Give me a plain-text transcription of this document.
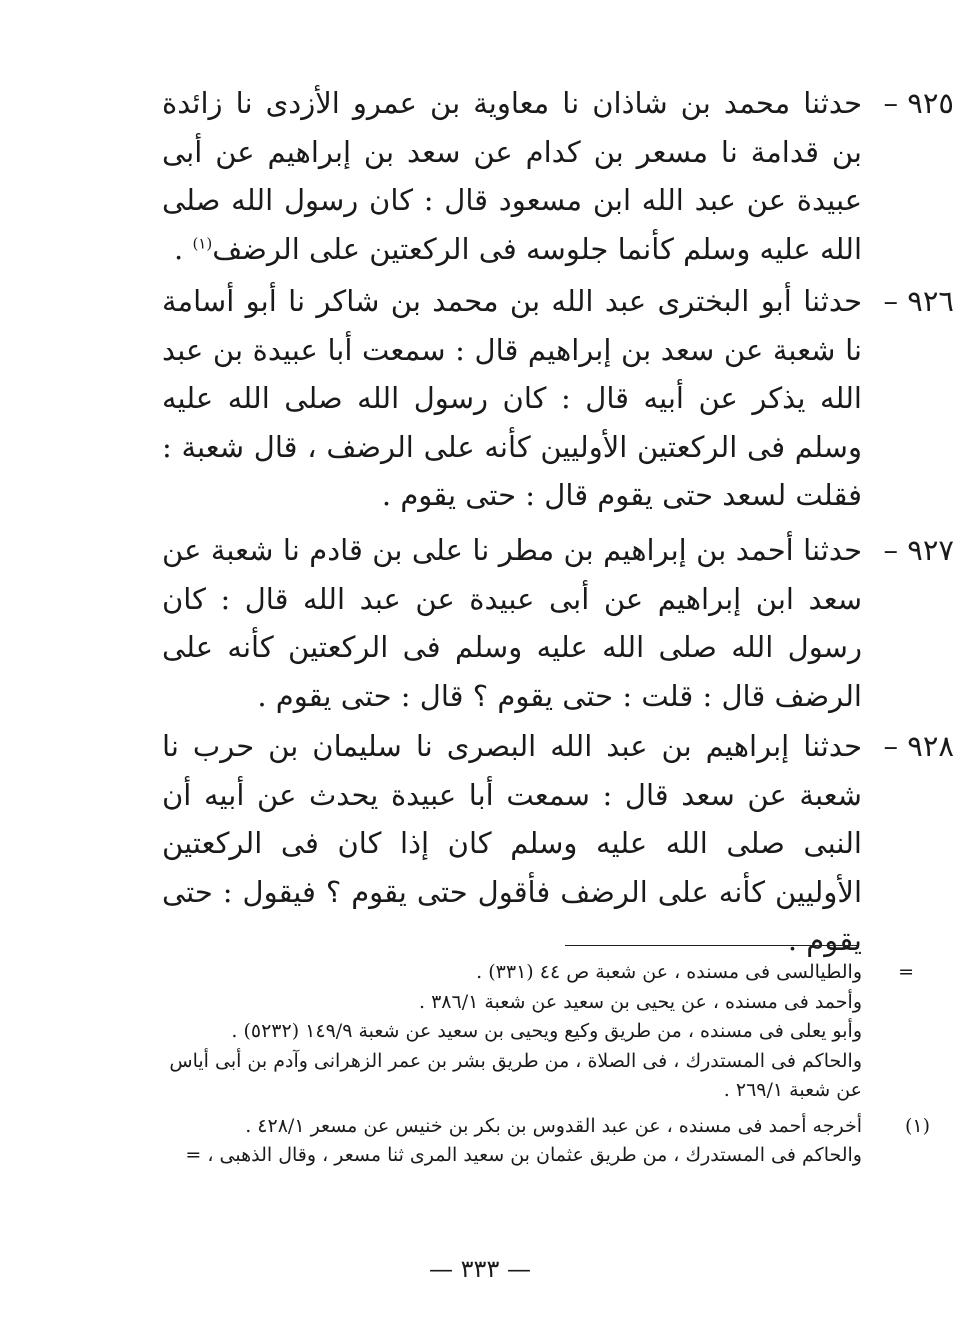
٩٢٥ –
حدثنا محمد بن شاذان نا معاوية بن عمرو الأزدى نا زائدة بن قدامة نا مسعر بن كدام عن سعد بن إبراهيم عن أبى عبيدة عن عبد الله ابن مسعود قال : كان رسول الله صلى الله عليه وسلم كأنما جلوسه فى الركعتين على الرضف$^{(١)}$ .
٩٢٦ –
حدثنا أبو البخترى عبد الله بن محمد بن شاكر نا أبو أسامة نا شعبة عن سعد بن إبراهيم قال : سمعت أبا عبيدة بن عبد الله يذكر عن أبيه قال : كان رسول الله صلى الله عليه وسلم فى الركعتين الأوليين كأنه على الرضف ، قال شعبة : فقلت لسعد حتى يقوم قال : حتى يقوم .
٩٢٧ –
حدثنا أحمد بن إبراهيم بن مطر نا على بن قادم نا شعبة عن سعد ابن إبراهيم عن أبى عبيدة عن عبد الله قال : كان رسول الله صلى الله عليه وسلم فى الركعتين كأنه على الرضف قال : قلت : حتى يقوم ؟ قال : حتى يقوم .
٩٢٨ –
حدثنا إبراهيم بن عبد الله البصرى نا سليمان بن حرب نا شعبة عن سعد قال : سمعت أبا عبيدة يحدث عن أبيه أن النبى صلى الله عليه وسلم كان إذا كان فى الركعتين الأوليين كأنه على الرضف فأقول حتى يقوم ؟ فيقول : حتى يقوم .
=
والطيالسى فى مسنده ، عن شعبة ص ٤٤ (٣٣١) .
وأحمد فى مسنده ، عن يحيى بن سعيد عن شعبة ٣٨٦/١ .
وأبو يعلى فى مسنده ، من طريق وكيع ويحيى بن سعيد عن شعبة ١٤٩/٩ (٥٢٣٢) .
والحاكم فى المستدرك ، فى الصلاة ، من طريق بشر بن عمر الزهرانى وآدم بن أبى أياس
عن شعبة ٢٦٩/١ .
(١)
أخرجه أحمد فى مسنده ، عن عبد القدوس بن بكر بن خنيس عن مسعر ٤٢٨/١ .
والحاكم فى المستدرك ، من طريق عثمان بن سعيد المرى ثنا مسعر ، وقال الذهبى ، =
— ٣٣٣ —
